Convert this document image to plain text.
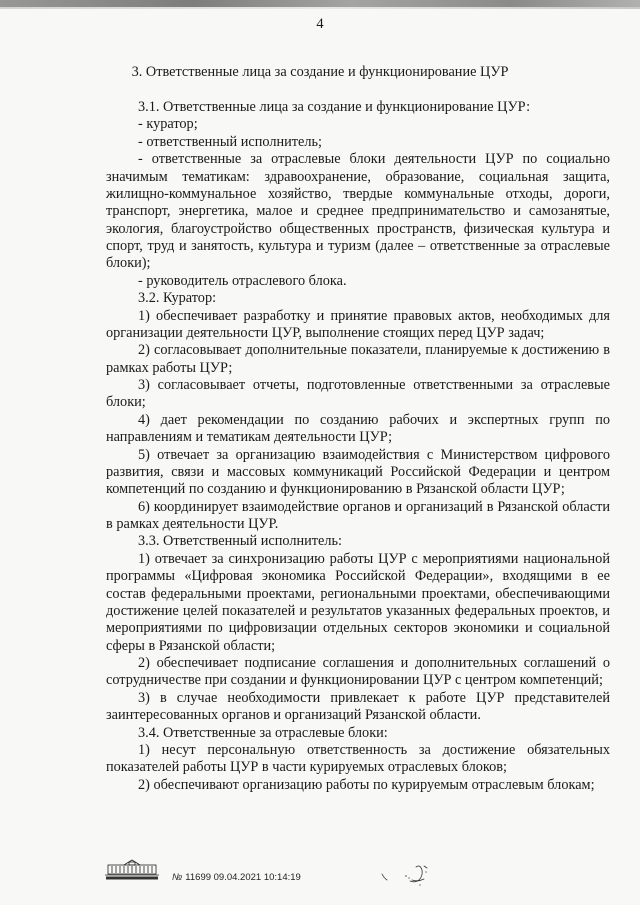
4
3. Ответственные лица за создание и функционирование ЦУР

3.1. Ответственные лица за создание и функционирование ЦУР:

- куратор;

- ответственный исполнитель;

- ответственные за отраслевые блоки деятельности ЦУР по социально значимым тематикам: здравоохранение, образование, социальная защита, жилищно-коммунальное хозяйство, твердые коммунальные отходы, дороги, транспорт, энергетика, малое и среднее предпринимательство и самозанятые, экология, благоустройство общественных пространств, физическая культура и спорт, труд и занятость, культура и туризм (далее – ответственные за отраслевые блоки);

- руководитель отраслевого блока.

3.2. Куратор:

1) обеспечивает разработку и принятие правовых актов, необходимых для организации деятельности ЦУР, выполнение стоящих перед ЦУР задач;

2) согласовывает дополнительные показатели, планируемые к достижению в рамках работы ЦУР;

3) согласовывает отчеты, подготовленные ответственными за отраслевые блоки;

4) дает рекомендации по созданию рабочих и экспертных групп по направлениям и тематикам деятельности ЦУР;

5) отвечает за организацию взаимодействия с Министерством цифрового развития, связи и массовых коммуникаций Российской Федерации и центром компетенций по созданию и функционированию в Рязанской области ЦУР;

6) координирует взаимодействие органов и организаций в Рязанской области в рамках деятельности ЦУР.

3.3. Ответственный исполнитель:

1) отвечает за синхронизацию работы ЦУР с мероприятиями национальной программы «Цифровая экономика Российской Федерации», входящими в ее состав федеральными проектами, региональными проектами, обеспечивающими достижение целей показателей и результатов указанных федеральных проектов, и мероприятиями по цифровизации отдельных секторов экономики и социальной сферы в Рязанской области;

2) обеспечивает подписание соглашения и дополнительных соглашений о сотрудничестве при создании и функционировании ЦУР с центром компетенций;

3) в случае необходимости привлекает к работе ЦУР представителей заинтересованных органов и организаций Рязанской области.

3.4. Ответственные за отраслевые блоки:

1) несут персональную ответственность за достижение обязательных показателей работы ЦУР в части курируемых отраслевых блоков;

2) обеспечивают организацию работы по курируемым отраслевым блокам;

№ 11699 09.04.2021 10:14:19
